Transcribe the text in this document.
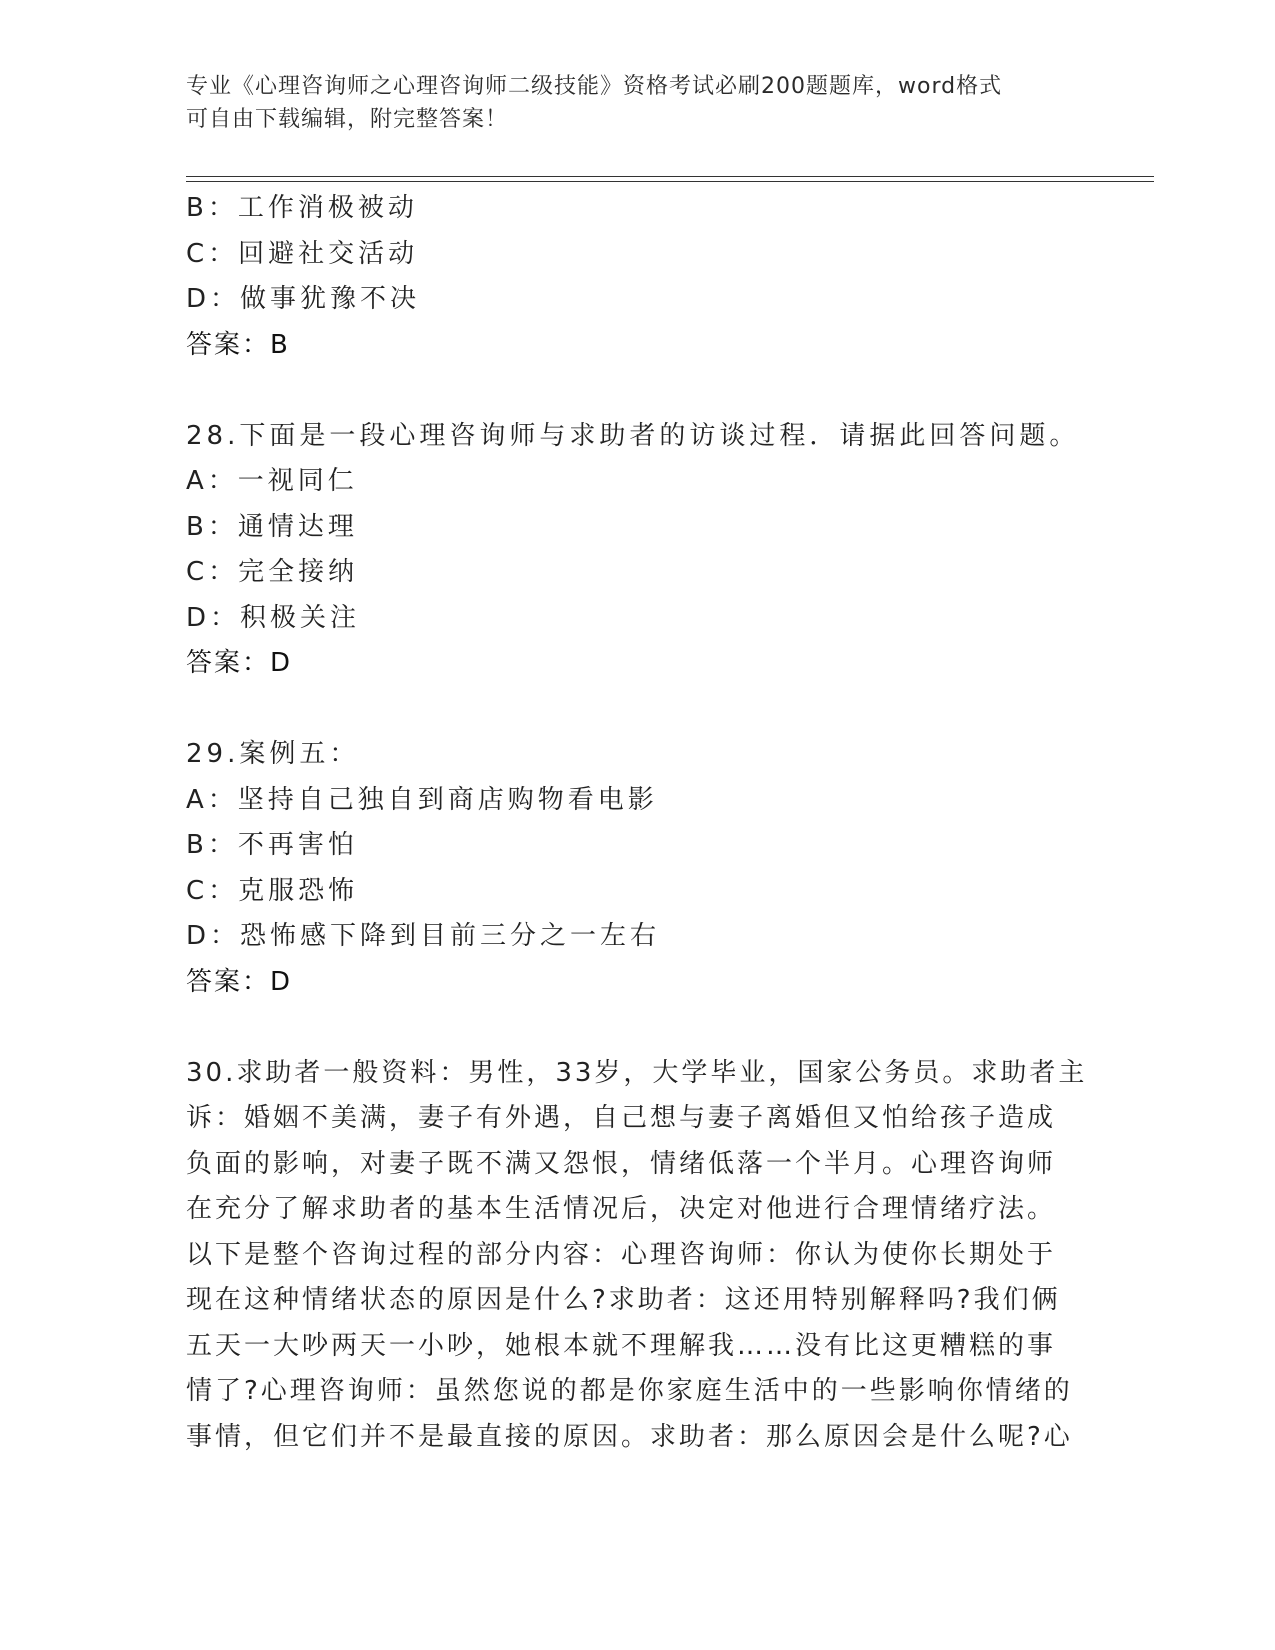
专业《心理咨询师之心理咨询师二级技能》资格考试必刷200题题库，word格式
可自由下载编辑，附完整答案！
B：工作消极被动
C：回避社交活动
D：做事犹豫不决
答案：B
28.下面是一段心理咨询师与求助者的访谈过程．请据此回答问题。
A：一视同仁
B：通情达理
C：完全接纳
D：积极关注
答案：D
29.案例五：
A：坚持自己独自到商店购物看电影
B：不再害怕
C：克服恐怖
D：恐怖感下降到目前三分之一左右
答案：D
30.求助者一般资料：男性，33岁，大学毕业，国家公务员。求助者主
诉：婚姻不美满，妻子有外遇，自己想与妻子离婚但又怕给孩子造成
负面的影响，对妻子既不满又怨恨，情绪低落一个半月。心理咨询师
在充分了解求助者的基本生活情况后，决定对他进行合理情绪疗法。
以下是整个咨询过程的部分内容：心理咨询师：你认为使你长期处于
现在这种情绪状态的原因是什么?求助者：这还用特别解释吗?我们俩
五天一大吵两天一小吵，她根本就不理解我……没有比这更糟糕的事
情了?心理咨询师：虽然您说的都是你家庭生活中的一些影响你情绪的
事情，但它们并不是最直接的原因。求助者：那么原因会是什么呢?心
